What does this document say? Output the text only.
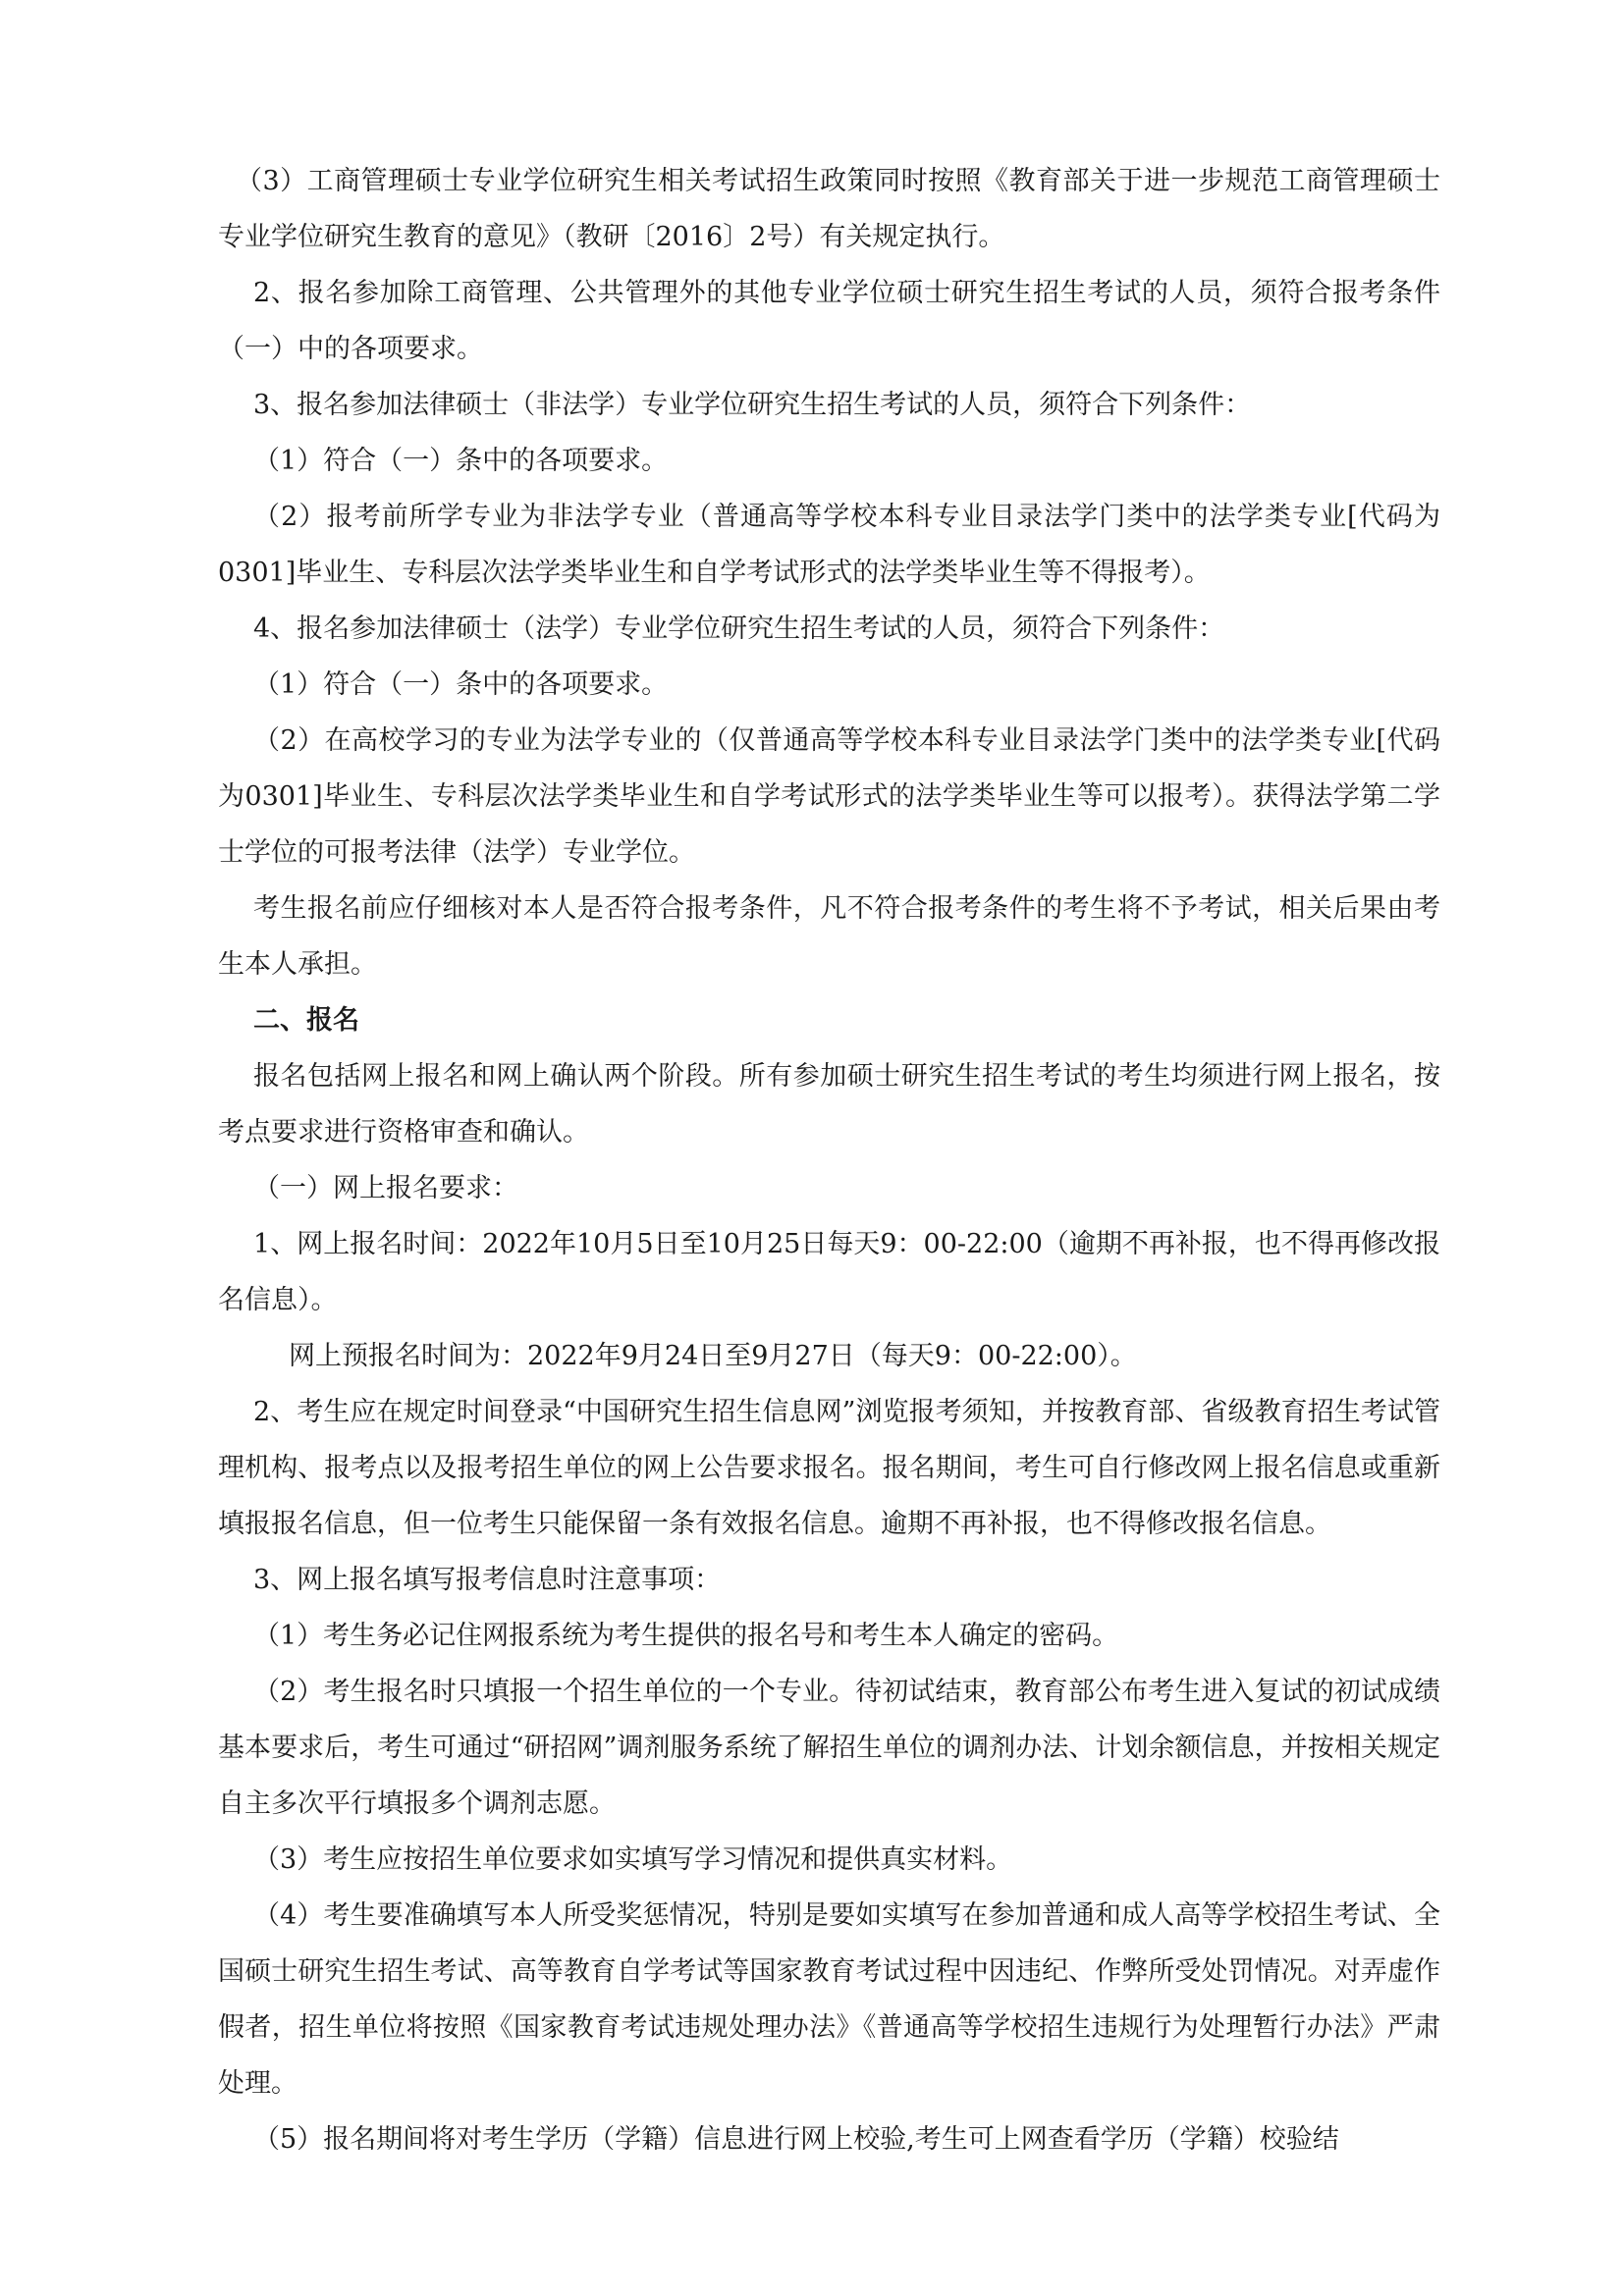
（3）工商管理硕士专业学位研究生相关考试招生政策同时按照《教育部关于进一步规范工商管理硕士专业学位研究生教育的意见》（教研〔2016〕2号）有关规定执行。

2、报名参加除工商管理、公共管理外的其他专业学位硕士研究生招生考试的人员，须符合报考条件（一）中的各项要求。

3、报名参加法律硕士（非法学）专业学位研究生招生考试的人员，须符合下列条件：

（1）符合（一）条中的各项要求。

（2）报考前所学专业为非法学专业（普通高等学校本科专业目录法学门类中的法学类专业[代码为0301]毕业生、专科层次法学类毕业生和自学考试形式的法学类毕业生等不得报考）。

4、报名参加法律硕士（法学）专业学位研究生招生考试的人员，须符合下列条件：

（1）符合（一）条中的各项要求。

（2）在高校学习的专业为法学专业的（仅普通高等学校本科专业目录法学门类中的法学类专业[代码为0301]毕业生、专科层次法学类毕业生和自学考试形式的法学类毕业生等可以报考）。获得法学第二学士学位的可报考法律（法学）专业学位。

考生报名前应仔细核对本人是否符合报考条件，凡不符合报考条件的考生将不予考试，相关后果由考生本人承担。

二、报名

报名包括网上报名和网上确认两个阶段。所有参加硕士研究生招生考试的考生均须进行网上报名，按考点要求进行资格审查和确认。

（一）网上报名要求：

1、网上报名时间：2022年10月5日至10月25日每天9：00-22:00（逾期不再补报，也不得再修改报名信息）。

网上预报名时间为：2022年9月24日至9月27日（每天9：00-22:00）。

2、考生应在规定时间登录“中国研究生招生信息网”浏览报考须知，并按教育部、省级教育招生考试管理机构、报考点以及报考招生单位的网上公告要求报名。报名期间，考生可自行修改网上报名信息或重新填报报名信息，但一位考生只能保留一条有效报名信息。逾期不再补报，也不得修改报名信息。

3、网上报名填写报考信息时注意事项：

（1）考生务必记住网报系统为考生提供的报名号和考生本人确定的密码。

（2）考生报名时只填报一个招生单位的一个专业。待初试结束，教育部公布考生进入复试的初试成绩基本要求后，考生可通过“研招网”调剂服务系统了解招生单位的调剂办法、计划余额信息，并按相关规定自主多次平行填报多个调剂志愿。

（3）考生应按招生单位要求如实填写学习情况和提供真实材料。

（4）考生要准确填写本人所受奖惩情况，特别是要如实填写在参加普通和成人高等学校招生考试、全国硕士研究生招生考试、高等教育自学考试等国家教育考试过程中因违纪、作弊所受处罚情况。对弄虚作假者，招生单位将按照《国家教育考试违规处理办法》《普通高等学校招生违规行为处理暂行办法》严肃处理。

（5）报名期间将对考生学历（学籍）信息进行网上校验,考生可上网查看学历（学籍）校验结
